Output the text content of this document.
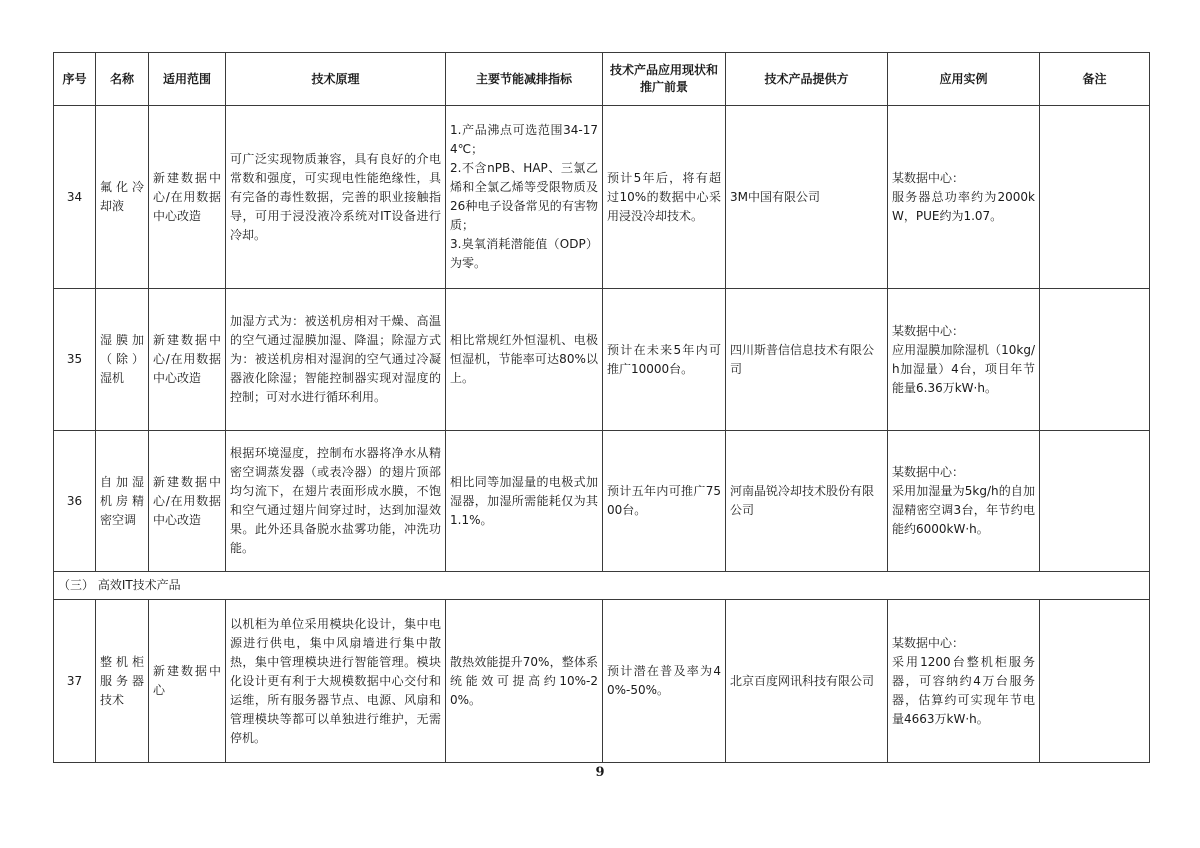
序号	名称	适用范围	技术原理	主要节能减排指标	技术产品应用现状和推广前景	技术产品提供方	应用实例	备注
34	氟化冷却液	新建数据中心/在用数据中心改造	可广泛实现物质兼容，具有良好的介电常数和强度，可实现电性能绝缘性，具有完备的毒性数据，完善的职业接触指导，可用于浸没液冷系统对IT设备进行冷却。	1.产品沸点可选范围34-174℃；
2.不含nPB、HAP、三氯乙烯和全氯乙烯等受限物质及26种电子设备常见的有害物质；
3.臭氧消耗潜能值（ODP）为零。	预计5年后，将有超过10%的数据中心采用浸没冷却技术。	3M中国有限公司	某数据中心：
服务器总功率约为2000kW，PUE约为1.07。	

35	湿膜加（除）湿机	新建数据中心/在用数据中心改造	加湿方式为：被送机房相对干燥、高温的空气通过湿膜加湿、降温；除湿方式为：被送机房相对湿润的空气通过冷凝器液化除湿；智能控制器实现对湿度的控制；可对水进行循环利用。	相比常规红外恒湿机、电极恒湿机，节能率可达80%以上。	预计在未来5年内可推广10000台。	四川斯普信信息技术有限公司	某数据中心：
应用湿膜加除湿机（10kg/h加湿量）4台，项目年节能量6.36万kW·h。	

36	自加湿机房精密空调	新建数据中心/在用数据中心改造	根据环境湿度，控制布水器将净水从精密空调蒸发器（或表冷器）的翅片顶部均匀流下，在翅片表面形成水膜，不饱和空气通过翅片间穿过时，达到加湿效果。此外还具备脱水盐雾功能，冲洗功能。	相比同等加湿量的电极式加湿器，加湿所需能耗仅为其1.1%。	预计五年内可推广7500台。	河南晶锐冷却技术股份有限公司	某数据中心：
采用加湿量为5kg/h的自加湿精密空调3台，年节约电能约6000kW·h。	

（三） 高效IT技术产品								
37	整机柜服务器技术	新建数据中心	以机柜为单位采用模块化设计，集中电源进行供电，集中风扇墙进行集中散热，集中管理模块进行智能管理。模块化设计更有利于大规模数据中心交付和运维，所有服务器节点、电源、风扇和管理模块等都可以单独进行维护，无需停机。	散热效能提升70%，整体系统能效可提高约10%-20%。	预计潜在普及率为40%-50%。	北京百度网讯科技有限公司	某数据中心：
采用1200台整机柜服务器，可容纳约4万台服务器，估算约可实现年节电量4663万kW·h。	

9
